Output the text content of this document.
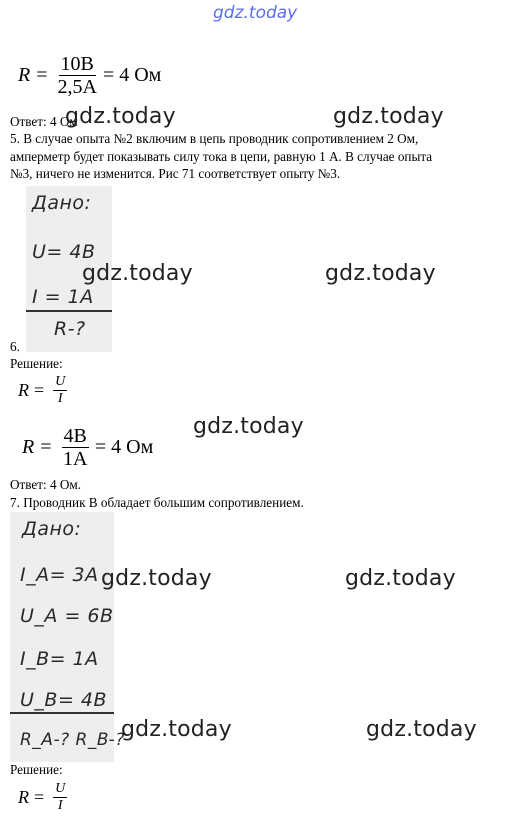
gdz.today
$R = \frac{10В}{2,5А} = 4$ Ом
Ответ: 4 Ом
gdz.today	gdz.today
5. В случае опыта №2 включим в цепь проводник сопротивлением 2 Ом,
амперметр будет показывать силу тока в цепи, равную 1 А. В случае опыта
№3, ничего не изменится. Рис 71 соответствует опыту №3.
Дано:
U= 4B
I = 1A
R-?
gdz.today	gdz.today
6.
Решение:
$R = \frac{U}{I}$
$R = \frac{4В}{1А} = 4$ Ом
gdz.today
Ответ: 4 Ом.
7. Проводник В обладает большим сопротивлением.
Дано:
I_A= 3A
U_A = 6B
I_B= 1A
U_B= 4B
R_A-? R_B-?
gdz.today	gdz.today
gdz.today	gdz.today
Решение:
$R = \frac{U}{I}$
